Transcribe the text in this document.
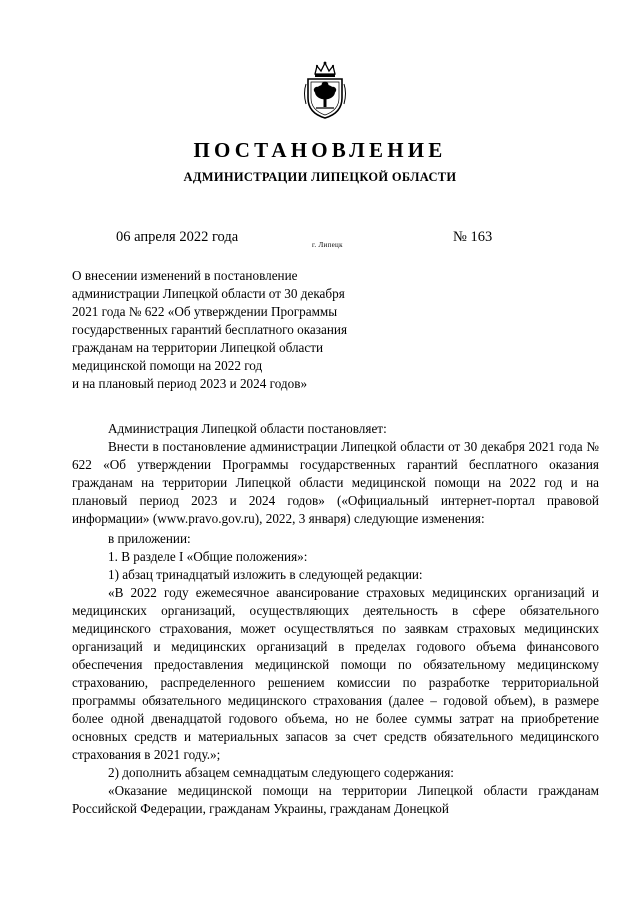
ПОСТАНОВЛЕНИЕ
АДМИНИСТРАЦИИ ЛИПЕЦКОЙ ОБЛАСТИ
06 апреля 2022 года	г. Липецк	№ 163
О внесении изменений в постановление
администрации Липецкой области от 30 декабря
2021 года № 622 «Об утверждении Программы
государственных гарантий бесплатного оказания
гражданам на территории Липецкой области
медицинской помощи на 2022 год
и на плановый период 2023 и 2024 годов»

Администрация Липецкой области постановляет:

Внести в постановление администрации Липецкой области от 30 декабря 2021 года № 622 «Об утверждении Программы государственных гарантий бесплатного оказания гражданам на территории Липецкой области медицинской помощи на 2022 год и на плановый период 2023 и 2024 годов» («Официальный интернет-портал правовой информации» (www.pravo.gov.ru), 2022, 3 января) следующие изменения:

в приложении:

1. В разделе I «Общие положения»:

1) абзац тринадцатый изложить в следующей редакции:

«В 2022 году ежемесячное авансирование страховых медицинских организаций и медицинских организаций, осуществляющих деятельность в сфере обязательного медицинского страхования, может осуществляться по заявкам страховых медицинских организаций и медицинских организаций в пределах годового объема финансового обеспечения предоставления медицинской помощи по обязательному медицинскому страхованию, распределенного решением комиссии по разработке территориальной программы обязательного медицинского страхования (далее – годовой объем), в размере более одной двенадцатой годового объема, но не более суммы затрат на приобретение основных средств и материальных запасов за счет средств обязательного медицинского страхования в 2021 году.»;

2) дополнить абзацем семнадцатым следующего содержания:

«Оказание медицинской помощи на территории Липецкой области гражданам Российской Федерации, гражданам Украины, гражданам Донецкой
